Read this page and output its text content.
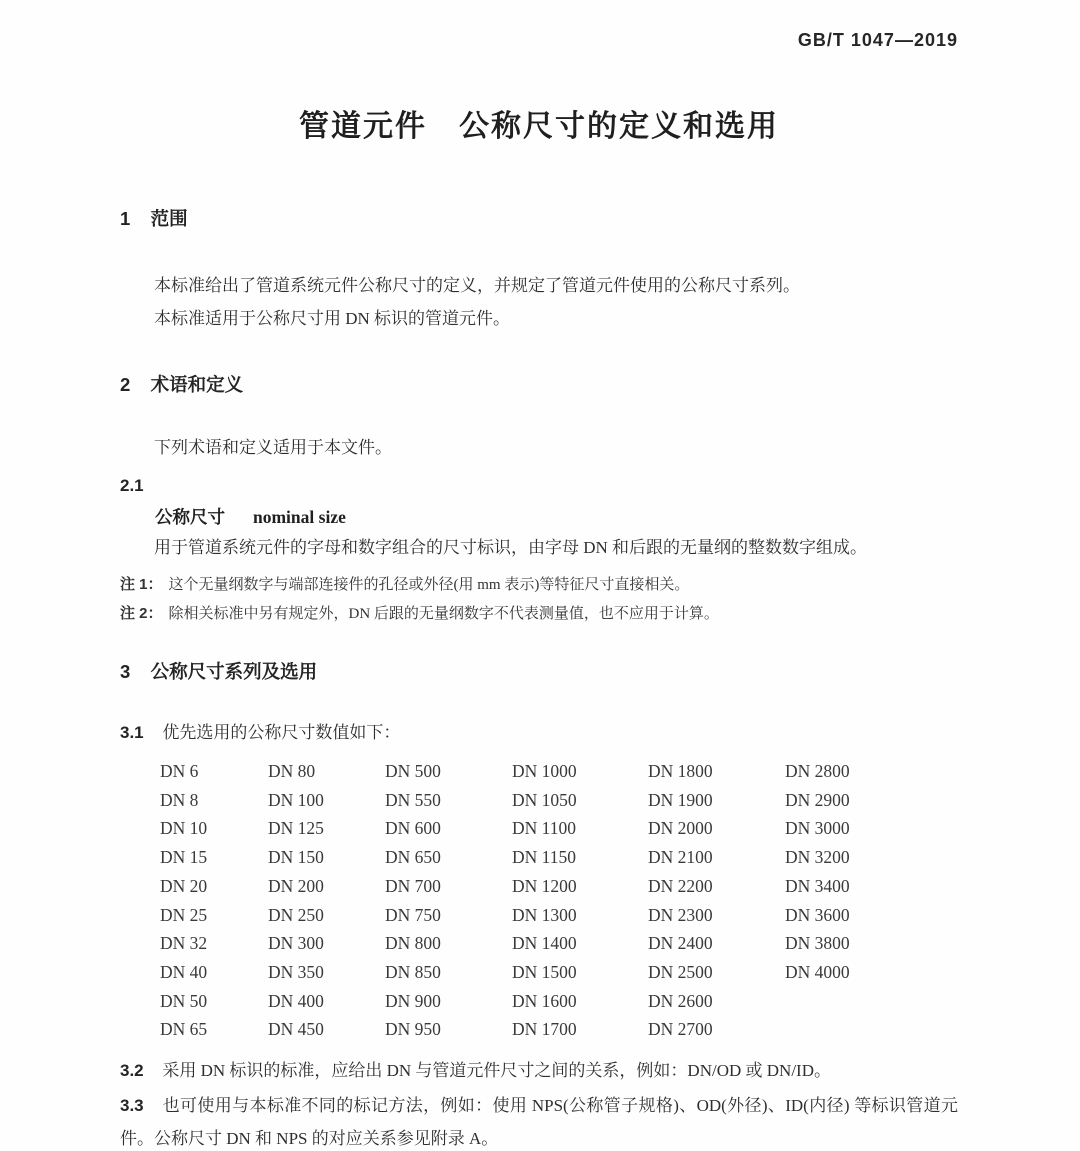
GB/T 1047—2019
管道元件　公称尺寸的定义和选用
1 范围

本标准给出了管道系统元件公称尺寸的定义，并规定了管道元件使用的公称尺寸系列。

本标准适用于公称尺寸用 DN 标识的管道元件。

2 术语和定义

下列术语和定义适用于本文件。

2.1
公称尺寸 nominal size

用于管道系统元件的字母和数字组合的尺寸标识，由字母 DN 和后跟的无量纲的整数数字组成。

注 1： 这个无量纲数字与端部连接件的孔径或外径(用 mm 表示)等特征尺寸直接相关。

注 2： 除相关标准中另有规定外，DN 后跟的无量纲数字不代表测量值，也不应用于计算。

3 公称尺寸系列及选用

3.1 优先选用的公称尺寸数值如下：

DN 6	DN 80	DN 500	DN 1000	DN 1800	DN 2800
DN 8	DN 100	DN 550	DN 1050	DN 1900	DN 2900
DN 10	DN 125	DN 600	DN 1100	DN 2000	DN 3000
DN 15	DN 150	DN 650	DN 1150	DN 2100	DN 3200
DN 20	DN 200	DN 700	DN 1200	DN 2200	DN 3400
DN 25	DN 250	DN 750	DN 1300	DN 2300	DN 3600
DN 32	DN 300	DN 800	DN 1400	DN 2400	DN 3800
DN 40	DN 350	DN 850	DN 1500	DN 2500	DN 4000
DN 50	DN 400	DN 900	DN 1600	DN 2600
DN 65	DN 450	DN 950	DN 1700	DN 2700

3.2 采用 DN 标识的标准，应给出 DN 与管道元件尺寸之间的关系，例如：DN/OD 或 DN/ID。

3.3 也可使用与本标准不同的标记方法，例如：使用 NPS(公称管子规格)、OD(外径)、ID(内径) 等标识管道元件。公称尺寸 DN 和 NPS 的对应关系参见附录 A。
